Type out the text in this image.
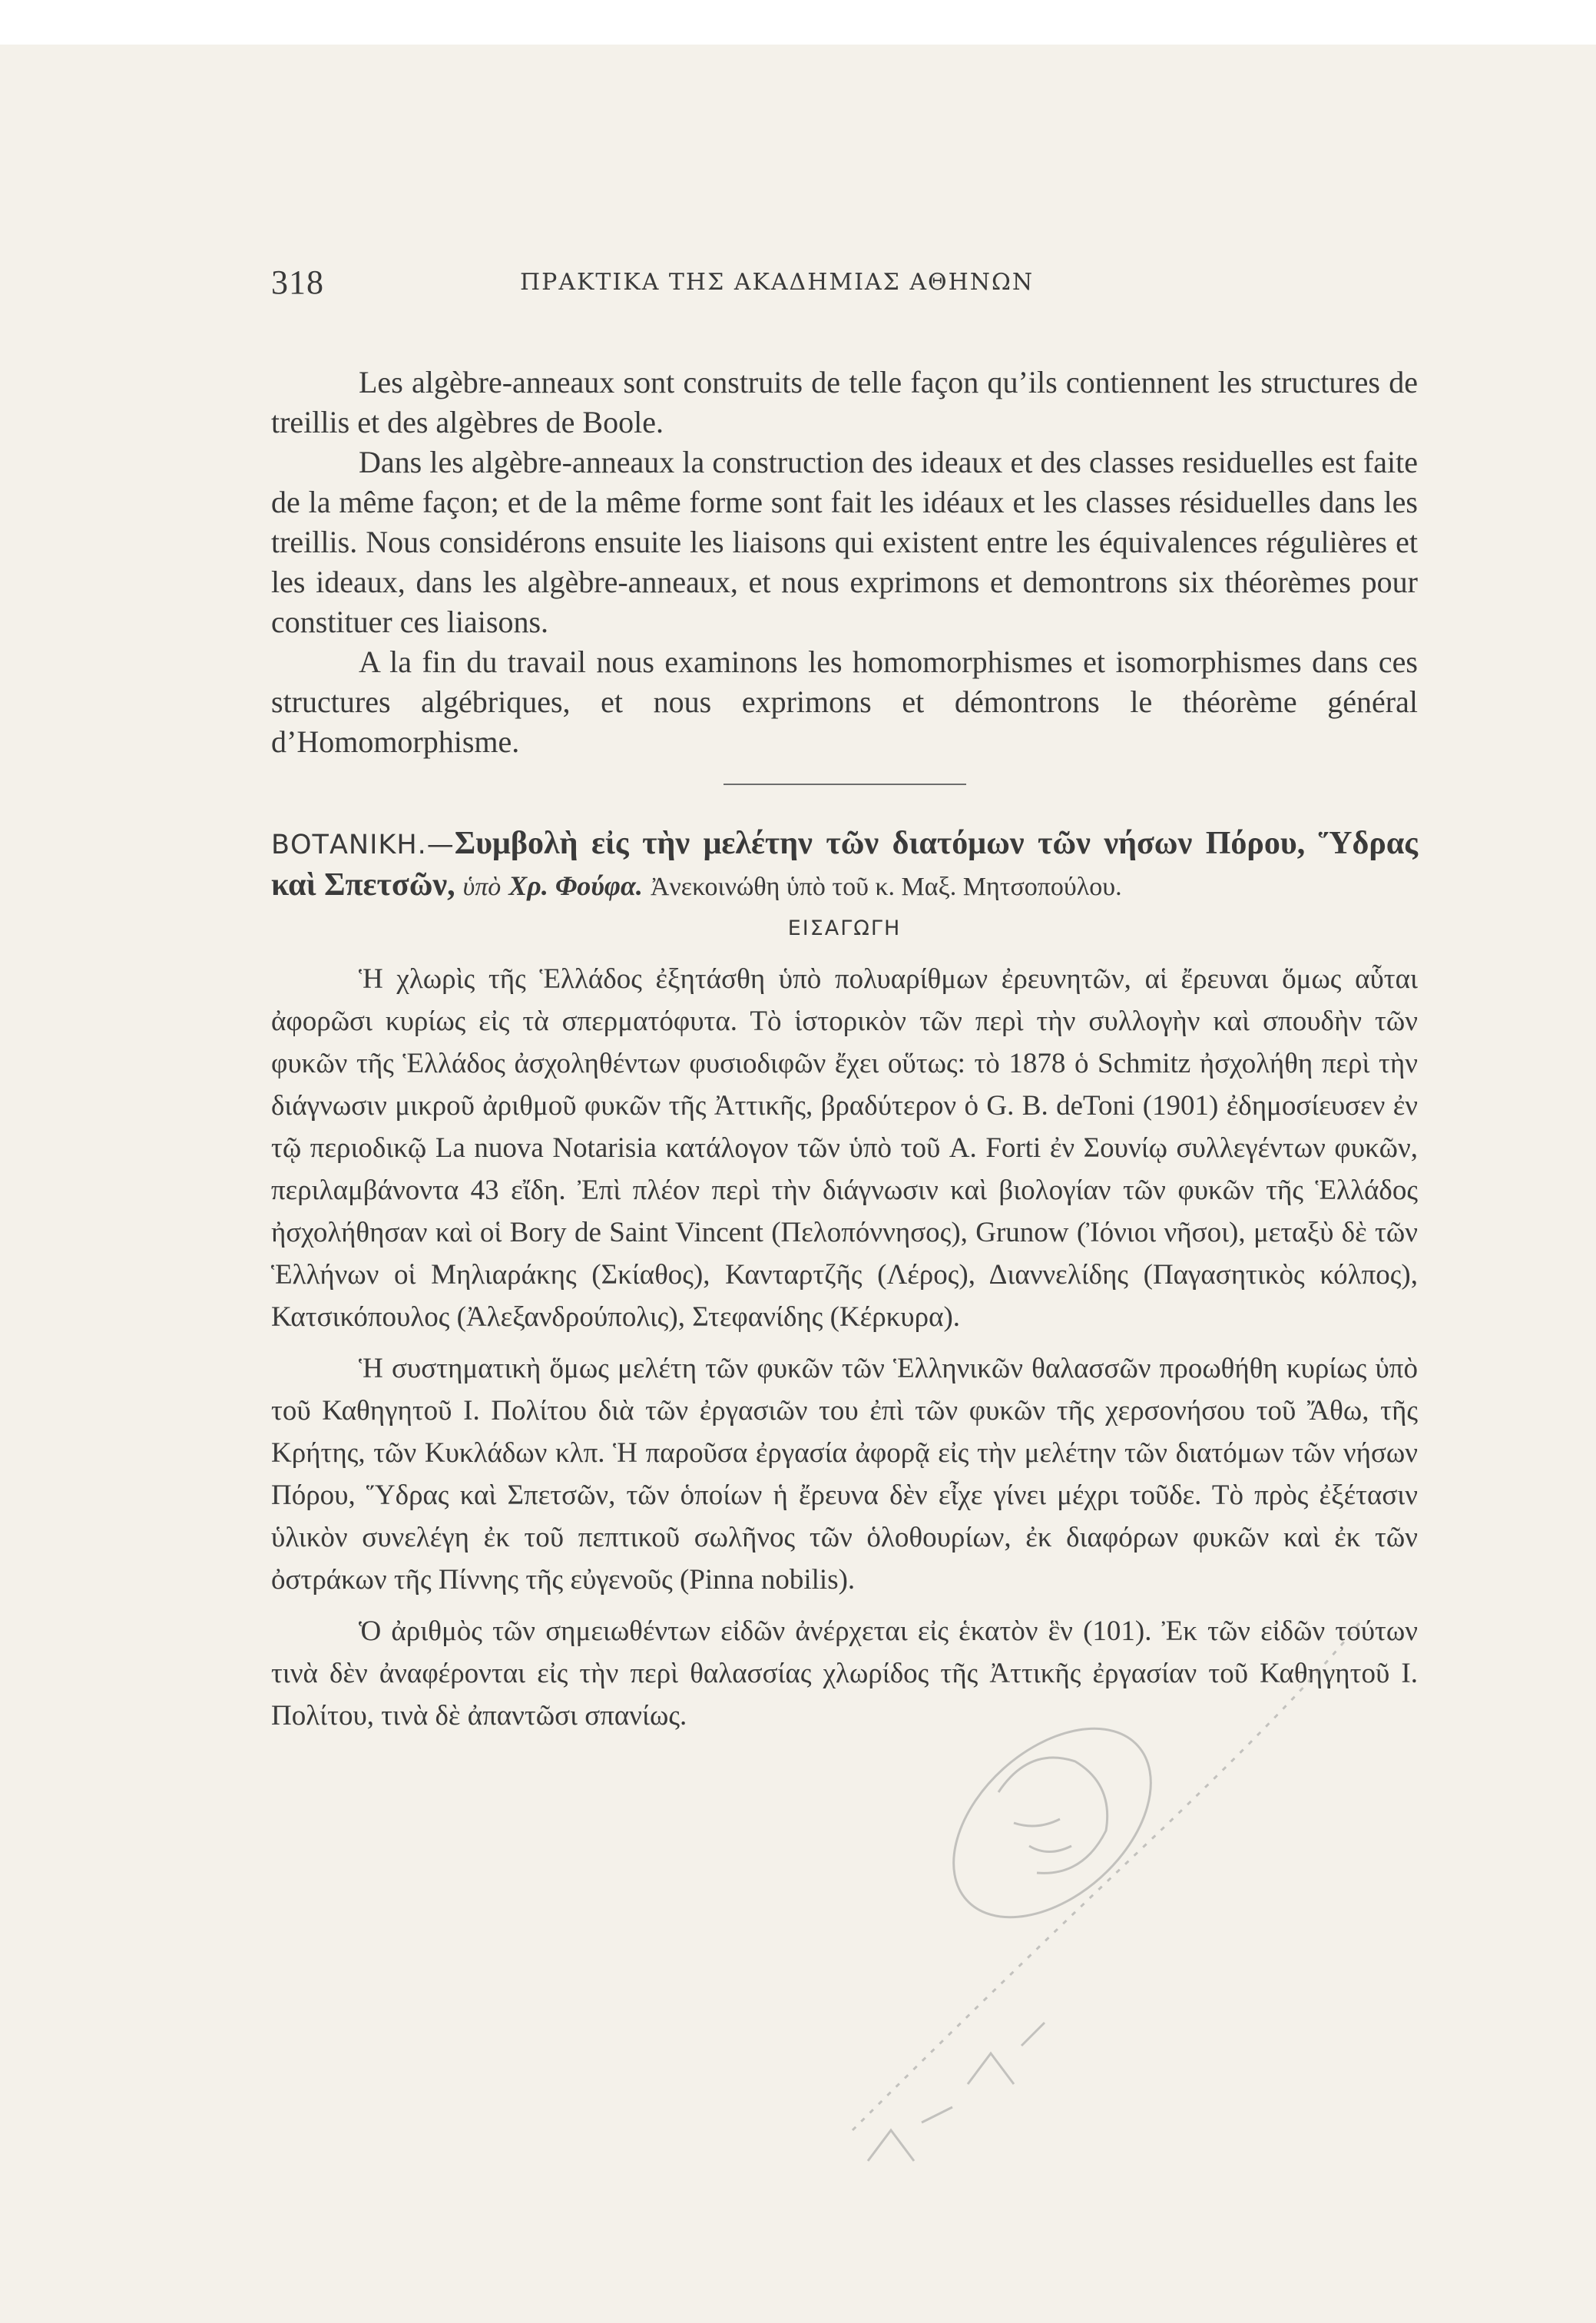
318	ΠΡΑΚΤΙΚΑ ΤΗΣ ΑΚΑΔΗΜΙΑΣ ΑΘΗΝΩΝ

Les algèbre-anneaux sont construits de telle façon qu’ils contiennent les structures de treillis et des algèbres de Boole.

Dans les algèbre-anneaux la construction des ideaux et des classes residuelles est faite de la même façon; et de la même forme sont fait les idéaux et les classes résiduelles dans les treillis. Nous considérons ensuite les liaisons qui existent entre les équivalences régulières et les ideaux, dans les algèbre-anneaux, et nous exprimons et demontrons six théorèmes pour constituer ces liaisons.

A la fin du travail nous examinons les homomorphismes et isomorphismes dans ces structures algébriques, et nous exprimons et démontrons le théorème général d’Homomorphisme.

ΒΟΤΑΝΙΚΗ.—Συμβολὴ εἰς τὴν μελέτην τῶν διατόμων τῶν νήσων Πόρου, Ὕδρας καὶ Σπετσῶν, ὑπὸ Χρ. Φούφα. Ἀνεκοινώθη ὑπὸ τοῦ κ. Μαξ. Μητσοπούλου.
ΕΙΣΑΓΩΓΗ

Ἡ χλωρὶς τῆς Ἑλλάδος ἐξητάσθη ὑπὸ πολυαρίθμων ἐρευνητῶν, αἱ ἔρευναι ὅμως αὗται ἀφορῶσι κυρίως εἰς τὰ σπερματόφυτα. Τὸ ἱστορικὸν τῶν περὶ τὴν συλλογὴν καὶ σπουδὴν τῶν φυκῶν τῆς Ἑλλάδος ἀσχοληθέντων φυσιοδιφῶν ἔχει οὕτως: τὸ 1878 ὁ Schmitz ἠσχολήθη περὶ τὴν διάγνωσιν μικροῦ ἀριθμοῦ φυκῶν τῆς Ἀττικῆς, βραδύτερον ὁ G. B. deToni (1901) ἐδημοσίευσεν ἐν τῷ περιοδικῷ La nuova Notarisia κατάλογον τῶν ὑπὸ τοῦ A. Forti ἐν Σουνίῳ συλλεγέντων φυκῶν, περιλαμβάνοντα 43 εἴδη. Ἐπὶ πλέον περὶ τὴν διάγνωσιν καὶ βιολογίαν τῶν φυκῶν τῆς Ἑλλάδος ἠσχολήθησαν καὶ οἱ Bory de Saint Vincent (Πελοπόννησος), Grunow (Ἰόνιοι νῆσοι), μεταξὺ δὲ τῶν Ἑλλήνων οἱ Μηλιαράκης (Σκίαθος), Κανταρτζῆς (Λέρος), Διαννελίδης (Παγασητικὸς κόλπος), Κατσικόπουλος (Ἀλεξανδρούπολις), Στεφανίδης (Κέρκυρα).

Ἡ συστηματικὴ ὅμως μελέτη τῶν φυκῶν τῶν Ἑλληνικῶν θαλασσῶν προωθήθη κυρίως ὑπὸ τοῦ Καθηγητοῦ Ι. Πολίτου διὰ τῶν ἐργασιῶν του ἐπὶ τῶν φυκῶν τῆς χερσονήσου τοῦ Ἄθω, τῆς Κρήτης, τῶν Κυκλάδων κλπ. Ἡ παροῦσα ἐργασία ἀφορᾷ εἰς τὴν μελέτην τῶν διατόμων τῶν νήσων Πόρου, Ὕδρας καὶ Σπετσῶν, τῶν ὁποίων ἡ ἔρευνα δὲν εἶχε γίνει μέχρι τοῦδε. Τὸ πρὸς ἐξέτασιν ὑλικὸν συνελέγη ἐκ τοῦ πεπτικοῦ σωλῆνος τῶν ὁλοθουρίων, ἐκ διαφόρων φυκῶν καὶ ἐκ τῶν ὀστράκων τῆς Πίννης τῆς εὐγενοῦς (Pinna nobilis).

Ὁ ἀριθμὸς τῶν σημειωθέντων εἰδῶν ἀνέρχεται εἰς ἑκατὸν ἓν (101). Ἐκ τῶν εἰδῶν τούτων τινὰ δὲν ἀναφέρονται εἰς τὴν περὶ θαλασσίας χλωρίδος τῆς Ἀττικῆς ἐργασίαν τοῦ Καθηγητοῦ Ι. Πολίτου, τινὰ δὲ ἀπαντῶσι σπανίως.
